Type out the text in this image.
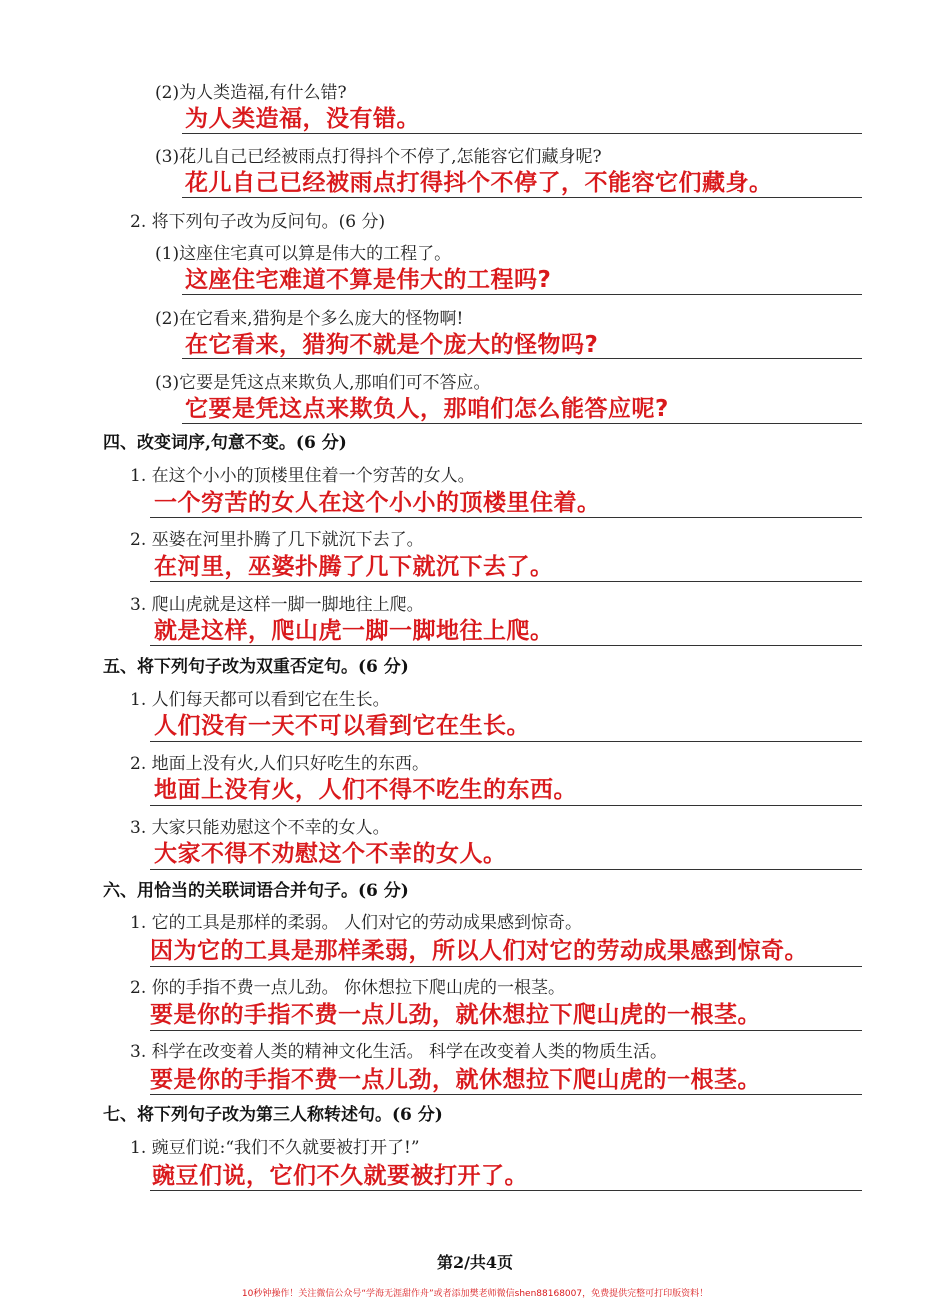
(2)为人类造福,有什么错?
为人类造福，没有错。
(3)花儿自己已经被雨点打得抖个不停了,怎能容它们藏身呢?
花儿自己已经被雨点打得抖个不停了，不能容它们藏身。
2. 将下列句子改为反问句。(6 分)
(1)这座住宅真可以算是伟大的工程了。
这座住宅难道不算是伟大的工程吗?
(2)在它看来,猎狗是个多么庞大的怪物啊!
在它看来，猎狗不就是个庞大的怪物吗?
(3)它要是凭这点来欺负人,那咱们可不答应。
它要是凭这点来欺负人，那咱们怎么能答应呢?
四、改变词序,句意不变。(6 分)
1. 在这个小小的顶楼里住着一个穷苦的女人。
一个穷苦的女人在这个小小的顶楼里住着。
2. 巫婆在河里扑腾了几下就沉下去了。
在河里，巫婆扑腾了几下就沉下去了。
3. 爬山虎就是这样一脚一脚地往上爬。
就是这样，爬山虎一脚一脚地往上爬。
五、将下列句子改为双重否定句。(6 分)
1. 人们每天都可以看到它在生长。
人们没有一天不可以看到它在生长。
2. 地面上没有火,人们只好吃生的东西。
地面上没有火，人们不得不吃生的东西。
3. 大家只能劝慰这个不幸的女人。
大家不得不劝慰这个不幸的女人。
六、用恰当的关联词语合并句子。(6 分)
1. 它的工具是那样的柔弱。 人们对它的劳动成果感到惊奇。
因为它的工具是那样柔弱，所以人们对它的劳动成果感到惊奇。
2. 你的手指不费一点儿劲。 你休想拉下爬山虎的一根茎。
要是你的手指不费一点儿劲，就休想拉下爬山虎的一根茎。
3. 科学在改变着人类的精神文化生活。 科学在改变着人类的物质生活。
要是你的手指不费一点儿劲，就休想拉下爬山虎的一根茎。
七、将下列句子改为第三人称转述句。(6 分)
1. 豌豆们说:“我们不久就要被打开了!”
豌豆们说，它们不久就要被打开了。
第2/共4页
10秒钟操作！关注微信公众号“学海无涯甜作舟”或者添加樊老师微信shen88168007，免费提供完整可打印版资料！
